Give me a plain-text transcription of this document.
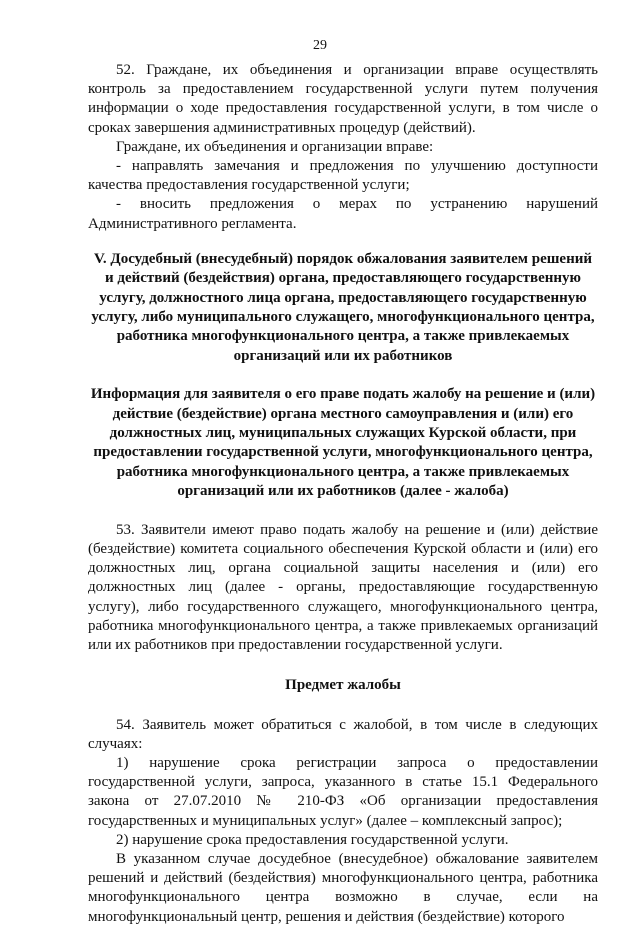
29

52. Граждане, их объединения и организации вправе осуществлять контроль за предоставлением государственной услуги путем получения информации о ходе предоставления государственной услуги, в том числе о сроках завершения административных процедур (действий).

Граждане, их объединения и организации вправе:

- направлять замечания и предложения по улучшению доступности качества предоставления государственной услуги;

- вносить предложения о мерах по устранению нарушений Административного регламента.

V. Досудебный (внесудебный) порядок обжалования заявителем решений и действий (бездействия) органа, предоставляющего государственную услугу, должностного лица органа, предоставляющего государственную услугу, либо муниципального служащего, многофункционального центра, работника многофункционального центра, а также привлекаемых организаций или их работников

Информация для заявителя о его праве подать жалобу на решение и (или) действие (бездействие) органа местного самоуправления и (или) его должностных лиц, муниципальных служащих Курской области, при предоставлении государственной услуги, многофункционального центра, работника многофункционального центра, а также привлекаемых организаций или их работников (далее - жалоба)

53. Заявители имеют право подать жалобу на решение и (или) действие (бездействие) комитета социального обеспечения Курской области и (или) его должностных лиц, органа социальной защиты населения и (или) его должностных лиц (далее - органы, предоставляющие государственную услугу), либо государственного служащего, многофункционального центра, работника многофункционального центра, а также привлекаемых организаций или их работников при предоставлении государственной услуги.

Предмет жалобы

54. Заявитель может обратиться с жалобой, в том числе в следующих случаях:

1) нарушение срока регистрации запроса о предоставлении государственной услуги, запроса, указанного в статье 15.1 Федерального закона от 27.07.2010 № 210-ФЗ «Об организации предоставления государственных и муниципальных услуг» (далее – комплексный запрос);

2) нарушение срока предоставления государственной услуги.

В указанном случае досудебное (внесудебное) обжалование заявителем решений и действий (бездействия) многофункционального центра, работника многофункционального центра возможно в случае, если на многофункциональный центр, решения и действия (бездействие) которого
